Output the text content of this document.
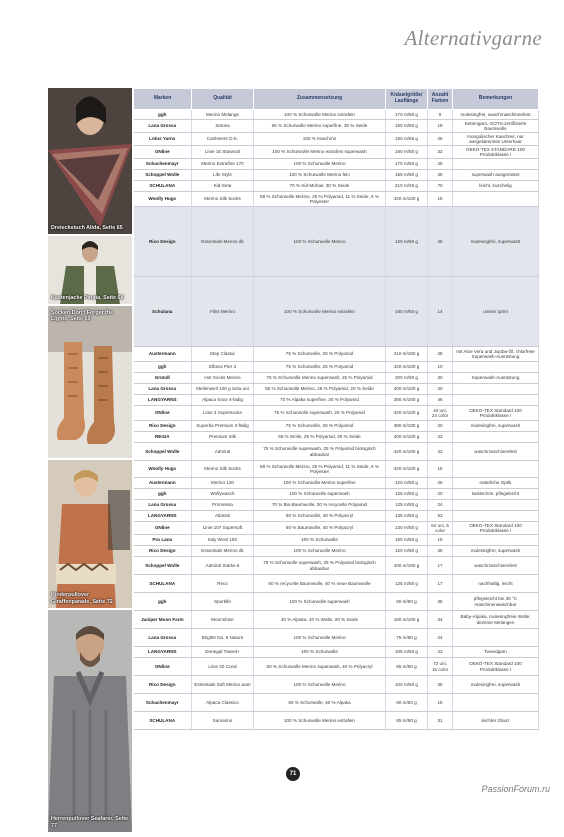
Alternativgarne
Dreieckstuch Alida, Seite 65
Kastenjacke Pinata, Seite 68
Socken Don't Forget the Lights, Seite 69
Kinderpullover Giraffenparade, Seite 72
Herrenpullover Seafarer, Seite 77
Marken	Qualität	Zusammensetzung	Knäuelgröße/ Lauflänge	Anzahl Farben	Bemerkungen
ggh	Merino Melange	100 % Schurwolle Merino extrafein	170 m/50 g	9	mulesingfrei, waschmaschinenfest
Lana Grossa	Setosa	65 % Schurwolle Merino superfine, 35 % Seide	150 m/50 g	18	Kettengarn, GOTS-zertifizierte Baumwolle
Lotus Yarns	Cashmere D.K.	100 % Kaschmir	180 m/55 g	25	mongolischer Kaschmir, nur ausgekämmtes Unterhaar
ONline	Linie 16 Starwool	100 % Schurwolle Merino extrafein superwash	160 m/50 g	32	OEKO-TEX STANDARD 100 Produktklasse I
Schachenmayr	Merino Extrafine 170	100 % Schurwolle Merino	170 m/50 g	25	
Schoppel Wolle	Life Style	100 % Schurwolle Merino fein	155 m/50 g	45	superwash-ausgerüstet
SCHULANA	Kid-Seta	70 % Kid-Mohair, 30 % Seide	210 m/25 g	70	leicht, kuschelig
Woolly Hugs	Merino Silk Socks	58 % Schurwolle Merino, 25 % Polyamid, 11 % Seide, 6 % Polyester	420 m/100 g	15	
Rico Design	Essentials Merino dk	100 % Schurwolle Merino	120 m/50 g	45	mulesingfrei, superwash
Schulana	Filini Merino	100 % Schurwolle Merino extrafein	160 m/50 g	14	unisex tprint
Austermann	Step Classic	75 % Schurwolle, 25 % Polyamid	410 m/150 g	28	mit Aloe Vera und Jojoba-Öl, chlorfreie Superwash-Ausrüstung
ggh	Elbsox Pier 4	75 % Schurwolle, 25 % Polyamid	420 m/100 g	10	
Gründl	Hot Socks Merino	75 % Schurwolle Merino superwash, 25 % Polyamid	200 m/50 g	30	Superwash-Ausrüstung
Lana Grossa	Meilenweit 100 g Seta uni	55 % Schurwolle Merino, 25 % Polyamid, 20 % Seide	400 m/100 g	20	
LANGYARNS	Alpaca Soxx 4-fadig	70 % Alpaka superfine, 30 % Polyamid	390 m/100 g	46	
ONline	Linie 3 Supersocke	75 % Schurwolle superwash, 25 % Polyamid	420 m/100 g	40 uni, 24 color	OEKO-TEX Standard 100 Produktklasse I
Rico Design	Superba Premium 4-fädig	75 % Schurwolle, 25 % Polyamid	380 m/100 g	20	mulesingfrei, superwash
REGIA	Premium Silk	55 % Wolle, 25 % Polyamid, 20 % Seide	400 m/100 g	22	
Schoppel Wolle	Admiral	75 % Schurwolle superwash, 25 % Polyamid biologisch abbaubar	420 m/100 g	42	waschmaschinenfest
Woolly Hugs	Merino Silk Socks	58 % Schurwolle Merino, 25 % Polyamid, 11 % Seide, 6 % Polyester	420 m/100 g	15	
Austermann	Merino 120	100 % Schurwolle Merino superfine	120 m/50 g	26	natürliche Optik
ggh	Wollywasch	100 % Schurwolle superwash	125 m/50 g	20	twistschön, pflegeleicht
Lana Grossa	Promessa	70 % Bio-Baumwolle, 30 % recycelte Polyamid	125 m/50 g	24	
LANGYARNS	Atlantis	60 % Schurwolle, 40 % Polyacryl	135 m/50 g	53	
ONline	Linie 107 Supersoft	60 % Baumwolle, 40 % Polyacryl	130 m/50 g	64 uni, 5 color	OEKO-TEX Standard 100 Produktklasse I
Pro Lana	Italy Wool 150	100 % Schurwolle	150 m/50 g	15	
Rico Design	Essentials Merino dk	100 % Schurwolle Merino	120 m/50 g	45	mulesingfrei, superwash
Schoppel Wolle	Admiral Stärke 6	75 % Schurwolle superwash, 25 % Polyamid biologisch abbaubar	400 m/150 g	17	waschmaschinenfest
SCHULANA	Reco	60 % recycelte Baumwolle, 40 % neue Baumwolle	125 m/50 g	17	nachhaltig, leicht
ggh	Sportlife	100 % Schurwolle superwash	80 m/50 g	35	pflegeleicht bei 30 °C maschinenwaschbar
Juniper Moon Farm	Moonshine	40 % Alpaka, 40 % Wolle, 20 % Seide	180 m/100 g	34	Baby-Alpaka, mulesingfreie Wolle, dezente Melangen
Lana Grossa	Brigitte No. 5 Nature	100 % Schurwolle Merino	75 m/50 g	24	
LANGYARNS	Donegal Tweed+	100 % Schurwolle	105 m/50 g	23	Tweedgarn
ONline	Linie 20 Coral	60 % Schurwolle Merino superwash, 40 % Polyacryl	85 m/50 g	72 uni, 15 color	OEKO-TEX Standard 100 Produktklasse I
Rico Design	Essentials Soft Merino aran	100 % Schurwolle Merino	100 m/50 g	36	mulesingfrei, superwash
Schachenmayr	Alpaca Classico	60 % Schurwolle, 40 % Alpaka	90 m/50 g	15	
SCHULANA	Sumarino	100 % Schurwolle Merino extrafein	85 m/50 g	31	leichter Glanz
71
PassionForum.ru
